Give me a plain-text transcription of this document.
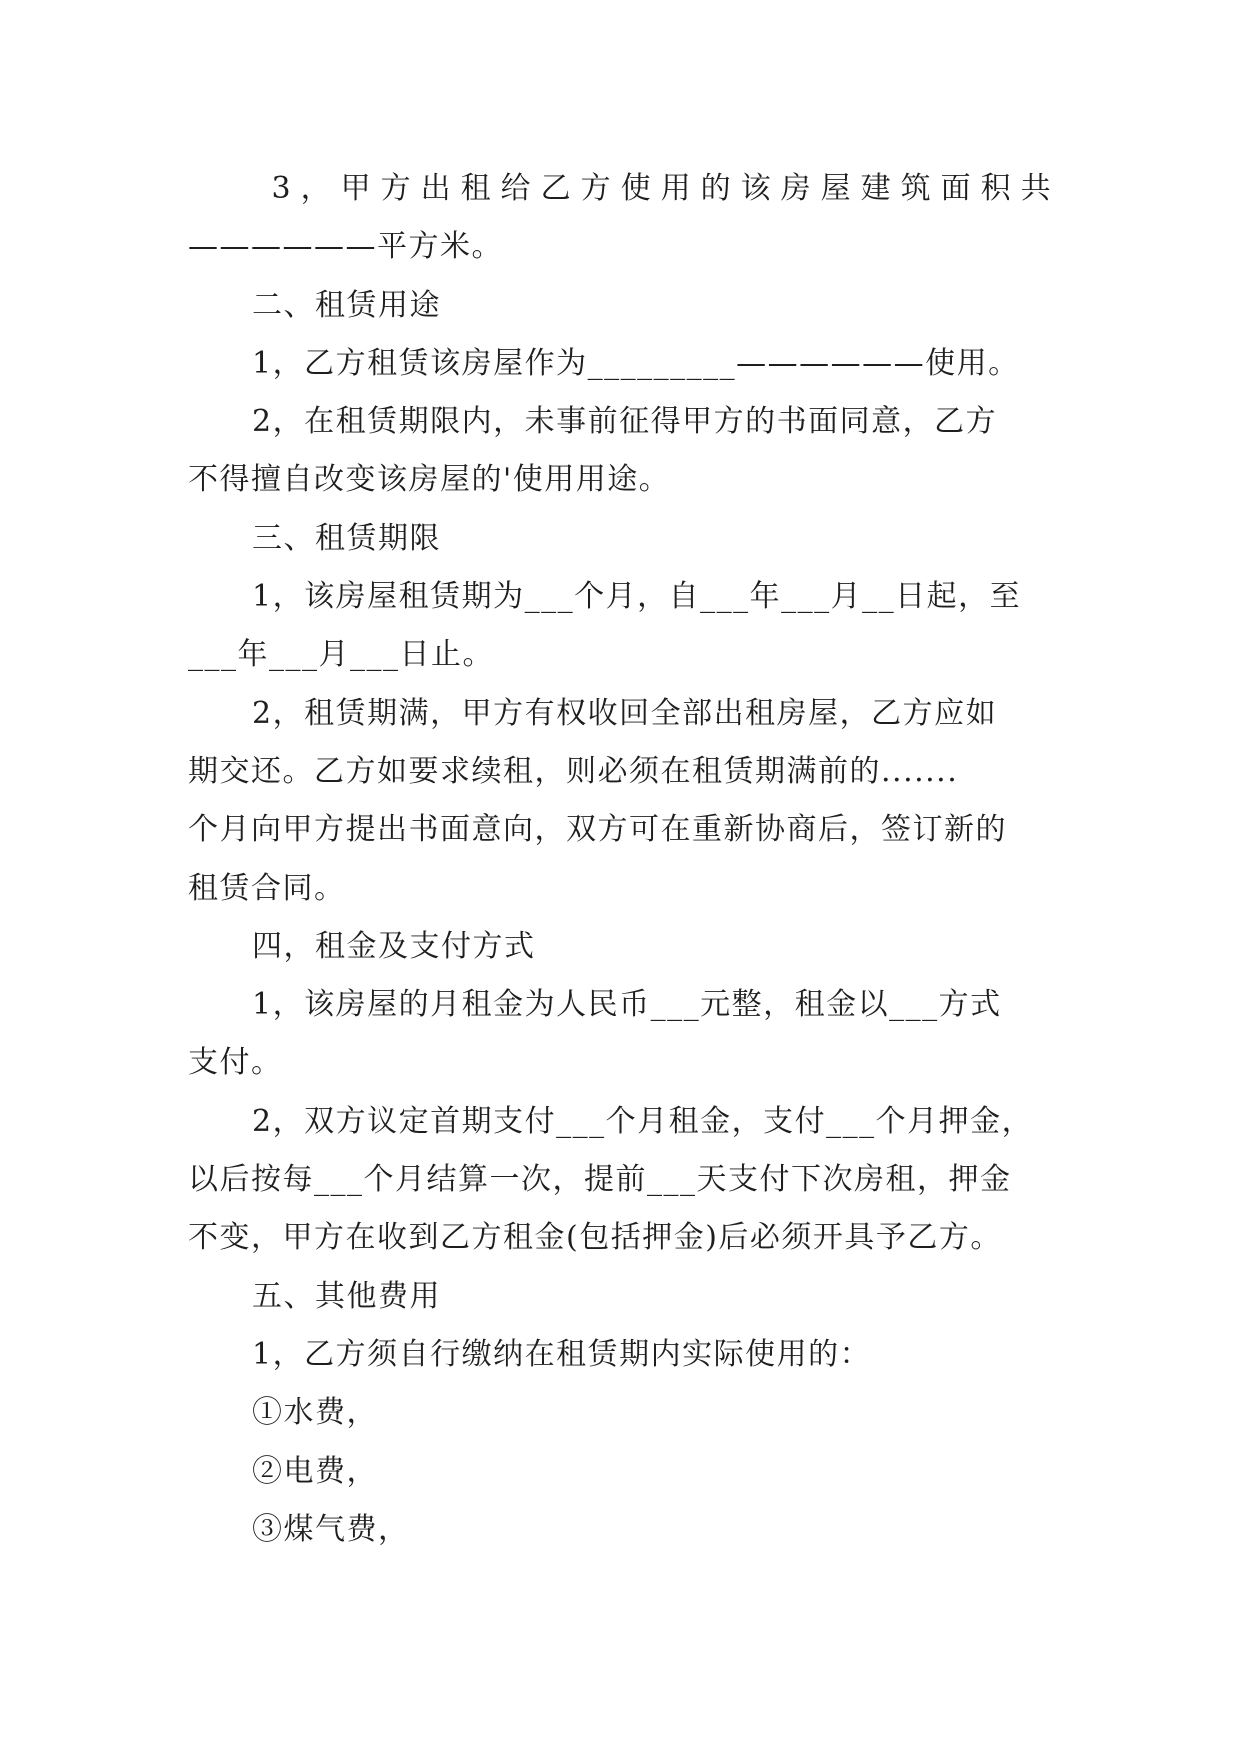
3，甲方出租给乙方使用的该房屋建筑面积共
——————平方米。
二、租赁用途
1，乙方租赁该房屋作为_________——————使用。
2，在租赁期限内，未事前征得甲方的书面同意，乙方
不得擅自改变该房屋的'使用用途。
三、租赁期限
1，该房屋租赁期为___个月，自___年___月__日起，至
___年___月___日止。
2，租赁期满，甲方有权收回全部出租房屋，乙方应如
期交还。乙方如要求续租，则必须在租赁期满前的.......
个月向甲方提出书面意向，双方可在重新协商后，签订新的
租赁合同。
四，租金及支付方式
1，该房屋的月租金为人民币___元整，租金以___方式
支付。
2，双方议定首期支付___个月租金，支付___个月押金，
以后按每___个月结算一次，提前___天支付下次房租，押金
不变，甲方在收到乙方租金(包括押金)后必须开具予乙方。
五、其他费用
1，乙方须自行缴纳在租赁期内实际使用的：
①水费，
②电费，
③煤气费，
